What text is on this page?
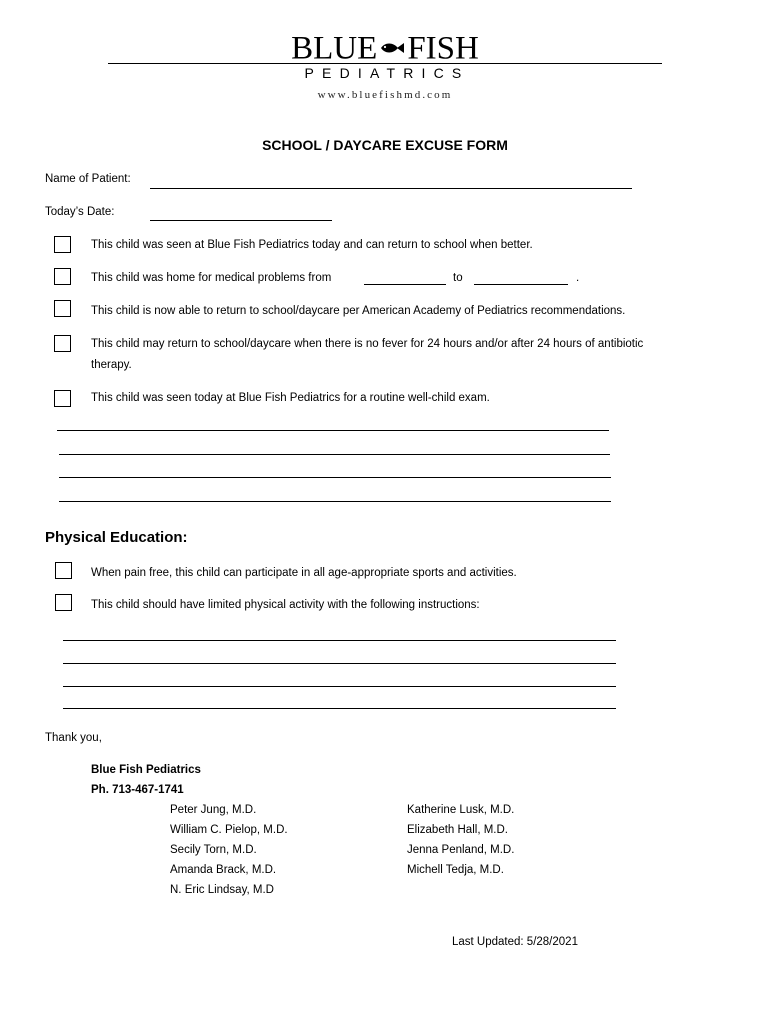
BLUE FISH
PEDIATRICS
www.bluefishmd.com
SCHOOL / DAYCARE EXCUSE FORM
Name of Patient:
Today’s Date:
This child was seen at Blue Fish Pediatrics today and can return to school when better.
This child was home for medical problems from	to	.
This child is now able to return to school/daycare per American Academy of Pediatrics recommendations.
This child may return to school/daycare when there is no fever for 24 hours and/or after 24 hours of antibiotic
therapy.
This child was seen today at Blue Fish Pediatrics for a routine well-child exam.
Physical Education:
When pain free, this child can participate in all age-appropriate sports and activities.
This child should have limited physical activity with the following instructions:
Thank you,
Blue Fish Pediatrics
Ph. 713-467-1741
Peter Jung, M.D.
William C. Pielop, M.D.
Secily Torn, M.D.
Amanda Brack, M.D.
N. Eric Lindsay, M.D
Katherine Lusk, M.D.
Elizabeth Hall, M.D.
Jenna Penland, M.D.
Michell Tedja, M.D.
Last Updated: 5/28/2021
